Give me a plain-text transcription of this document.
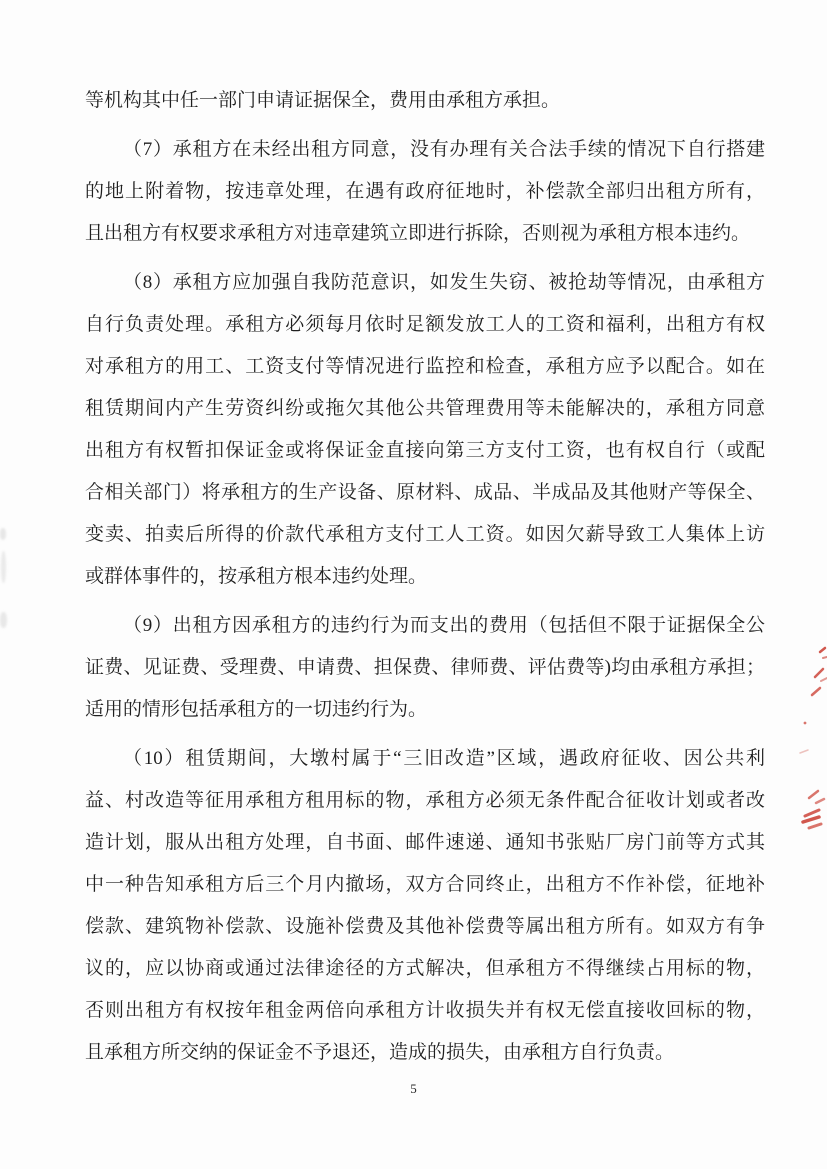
等机构其中任一部门申请证据保全，费用由承租方承担。
（7）承租方在未经出租方同意，没有办理有关合法手续的情况下自行搭建
的地上附着物，按违章处理，在遇有政府征地时，补偿款全部归出租方所有，
且出租方有权要求承租方对违章建筑立即进行拆除，否则视为承租方根本违约。
（8）承租方应加强自我防范意识，如发生失窃、被抢劫等情况，由承租方
自行负责处理。承租方必须每月依时足额发放工人的工资和福利，出租方有权
对承租方的用工、工资支付等情况进行监控和检查，承租方应予以配合。如在
租赁期间内产生劳资纠纷或拖欠其他公共管理费用等未能解决的，承租方同意
出租方有权暂扣保证金或将保证金直接向第三方支付工资，也有权自行（或配
合相关部门）将承租方的生产设备、原材料、成品、半成品及其他财产等保全、
变卖、拍卖后所得的价款代承租方支付工人工资。如因欠薪导致工人集体上访
或群体事件的，按承租方根本违约处理。
（9）出租方因承租方的违约行为而支出的费用（包括但不限于证据保全公
证费、见证费、受理费、申请费、担保费、律师费、评估费等)均由承租方承担；
适用的情形包括承租方的一切违约行为。
（10）租赁期间，大墩村属于“三旧改造”区域，遇政府征收、因公共利
益、村改造等征用承租方租用标的物，承租方必须无条件配合征收计划或者改
造计划，服从出租方处理，自书面、邮件速递、通知书张贴厂房门前等方式其
中一种告知承租方后三个月内撤场，双方合同终止，出租方不作补偿，征地补
偿款、建筑物补偿款、设施补偿费及其他补偿费等属出租方所有。如双方有争
议的，应以协商或通过法律途径的方式解决，但承租方不得继续占用标的物，
否则出租方有权按年租金两倍向承租方计收损失并有权无偿直接收回标的物，
且承租方所交纳的保证金不予退还，造成的损失，由承租方自行负责。
5
